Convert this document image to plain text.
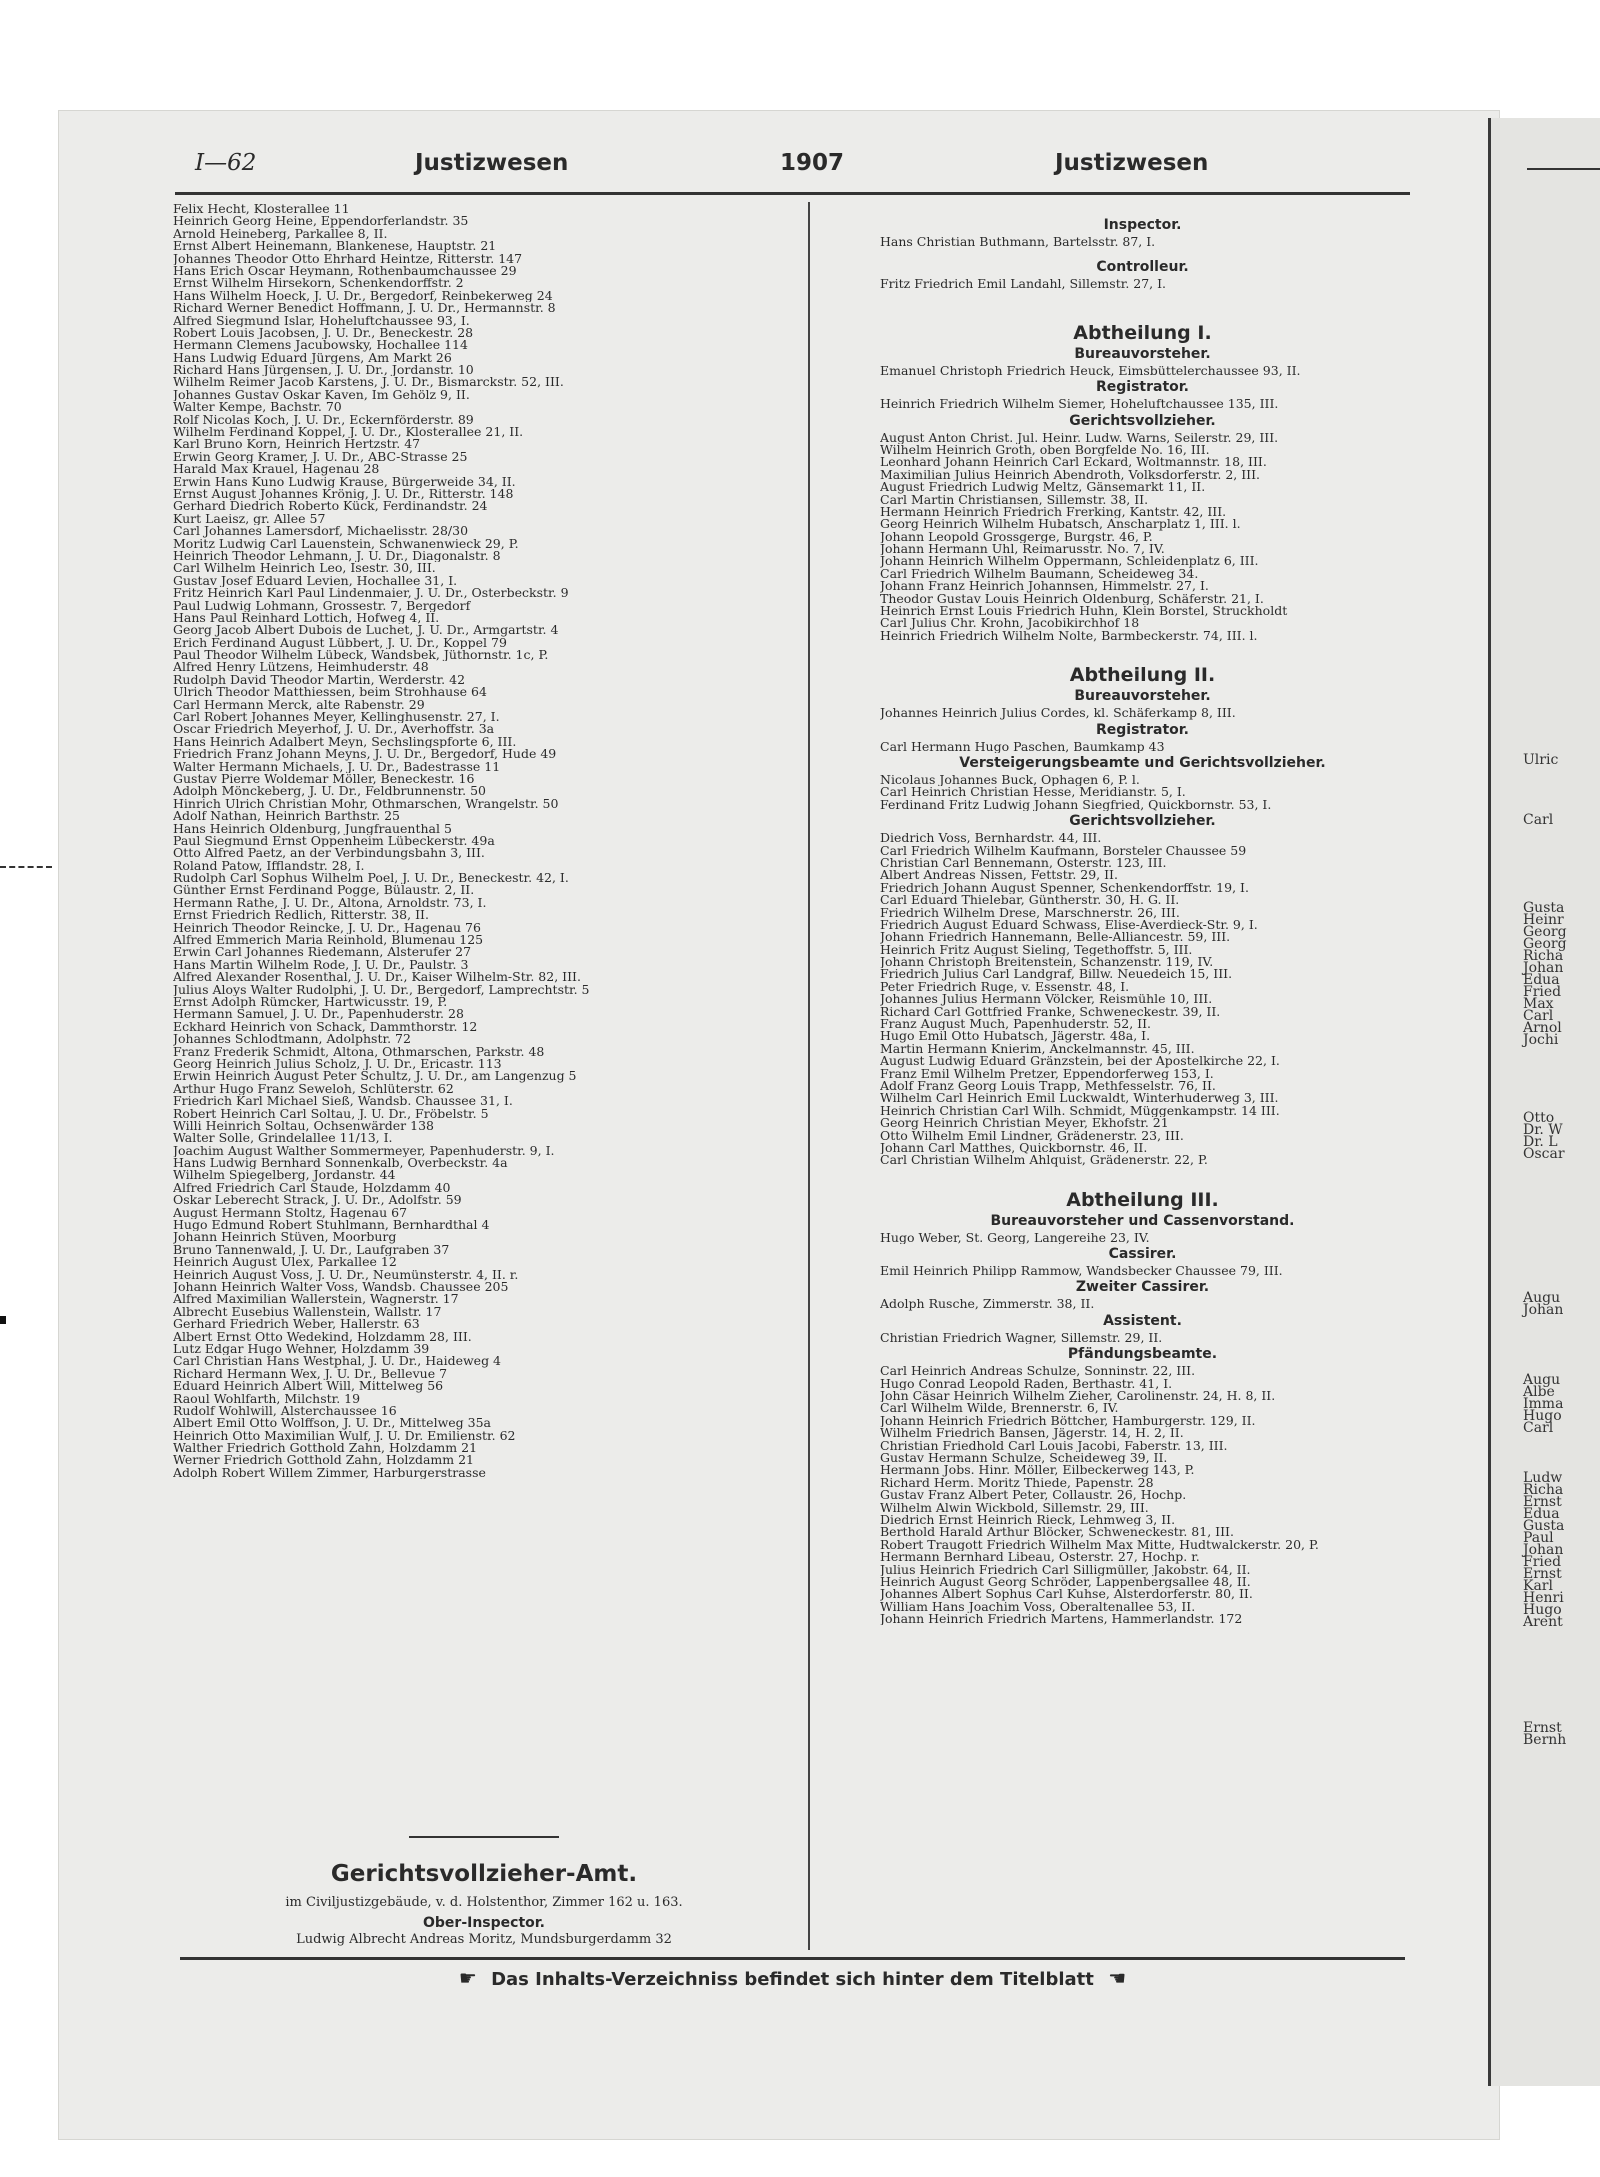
Ulric
Carl
Gusta
Heinr
Georg
Georg
Richa
Johan
Edua
Fried
Max
Carl
Arnol
Jochi
Otto
Dr. W
Dr. L
Oscar
Augu
Johan
Augu
Albe
Imma
Hugo
Carl
Ludw
Richa
Ernst
Edua
Gusta
Paul
Johan
Fried
Ernst
Karl
Henri
Hugo
Arent
Ernst
Bernh
I—62	Justizwesen	1907	Justizwesen
Felix Hecht, Klosterallee 11
Heinrich Georg Heine, Eppendorferlandstr. 35
Arnold Heineberg, Parkallee 8, II.
Ernst Albert Heinemann, Blankenese, Hauptstr. 21
Johannes Theodor Otto Ehrhard Heintze, Ritterstr. 147
Hans Erich Oscar Heymann, Rothenbaumchaussee 29
Ernst Wilhelm Hirsekorn, Schenkendorffstr. 2
Hans Wilhelm Hoeck, J. U. Dr., Bergedorf, Reinbekerweg 24
Richard Werner Benedict Hoffmann, J. U. Dr., Hermannstr. 8
Alfred Siegmund Islar, Hoheluftchaussee 93, I.
Robert Louis Jacobsen, J. U. Dr., Beneckestr. 28
Hermann Clemens Jacubowsky, Hochallee 114
Hans Ludwig Eduard Jürgens, Am Markt 26
Richard Hans Jürgensen, J. U. Dr., Jordanstr. 10
Wilhelm Reimer Jacob Karstens, J. U. Dr., Bismarckstr. 52, III.
Johannes Gustav Oskar Kaven, Im Gehölz 9, II.
Walter Kempe, Bachstr. 70
Rolf Nicolas Koch, J. U. Dr., Eckernförderstr. 89
Wilhelm Ferdinand Koppel, J. U. Dr., Klosterallee 21, II.
Karl Bruno Korn, Heinrich Hertzstr. 47
Erwin Georg Kramer, J. U. Dr., ABC-Strasse 25
Harald Max Krauel, Hagenau 28
Erwin Hans Kuno Ludwig Krause, Bürgerweide 34, II.
Ernst August Johannes Krönig, J. U. Dr., Ritterstr. 148
Gerhard Diedrich Roberto Kück, Ferdinandstr. 24
Kurt Laeisz, gr. Allee 57
Carl Johannes Lamersdorf, Michaelisstr. 28/30
Moritz Ludwig Carl Lauenstein, Schwanenwieck 29, P.
Heinrich Theodor Lehmann, J. U. Dr., Diagonalstr. 8
Carl Wilhelm Heinrich Leo, Isestr. 30, III.
Gustav Josef Eduard Levien, Hochallee 31, I.
Fritz Heinrich Karl Paul Lindenmaier, J. U. Dr., Osterbeckstr. 9
Paul Ludwig Lohmann, Grossestr. 7, Bergedorf
Hans Paul Reinhard Lottich, Hofweg 4, II.
Georg Jacob Albert Dubois de Luchet, J. U. Dr., Armgartstr. 4
Erich Ferdinand August Lübbert, J. U. Dr., Koppel 79
Paul Theodor Wilhelm Lübeck, Wandsbek, Jüthornstr. 1c, P.
Alfred Henry Lützens, Heimhuderstr. 48
Rudolph David Theodor Martin, Werderstr. 42
Ulrich Theodor Matthiessen, beim Strohhause 64
Carl Hermann Merck, alte Rabenstr. 29
Carl Robert Johannes Meyer, Kellinghusenstr. 27, I.
Oscar Friedrich Meyerhof, J. U. Dr., Averhoffstr. 3a
Hans Heinrich Adalbert Meyn, Sechslingspforte 6, III.
Friedrich Franz Johann Meyns, J. U. Dr., Bergedorf, Hude 49
Walter Hermann Michaels, J. U. Dr., Badestrasse 11
Gustav Pierre Woldemar Möller, Beneckestr. 16
Adolph Mönckeberg, J. U. Dr., Feldbrunnenstr. 50
Hinrich Ulrich Christian Mohr, Othmarschen, Wrangelstr. 50
Adolf Nathan, Heinrich Barthstr. 25
Hans Heinrich Oldenburg, Jungfrauenthal 5
Paul Siegmund Ernst Oppenheim Lübeckerstr. 49a
Otto Alfred Paetz, an der Verbindungsbahn 3, III.
Roland Patow, Ifflandstr. 28, I.
Rudolph Carl Sophus Wilhelm Poel, J. U. Dr., Beneckestr. 42, I.
Günther Ernst Ferdinand Pogge, Bülaustr. 2, II.
Hermann Rathe, J. U. Dr., Altona, Arnoldstr. 73, I.
Ernst Friedrich Redlich, Ritterstr. 38, II.
Heinrich Theodor Reincke, J. U. Dr., Hagenau 76
Alfred Emmerich Maria Reinhold, Blumenau 125
Erwin Carl Johannes Riedemann, Alsterufer 27
Hans Martin Wilhelm Rode, J. U. Dr., Paulstr. 3
Alfred Alexander Rosenthal, J. U. Dr., Kaiser Wilhelm-Str. 82, III.
Julius Aloys Walter Rudolphi, J. U. Dr., Bergedorf, Lamprechtstr. 5
Ernst Adolph Rümcker, Hartwicusstr. 19, P.
Hermann Samuel, J. U. Dr., Papenhuderstr. 28
Eckhard Heinrich von Schack, Dammthorstr. 12
Johannes Schlodtmann, Adolphstr. 72
Franz Frederik Schmidt, Altona, Othmarschen, Parkstr. 48
Georg Heinrich Julius Scholz, J. U. Dr., Ericastr. 113
Erwin Heinrich August Peter Schultz, J. U. Dr., am Langenzug 5
Arthur Hugo Franz Seweloh, Schlüterstr. 62
Friedrich Karl Michael Sieß, Wandsb. Chaussee 31, I.
Robert Heinrich Carl Soltau, J. U. Dr., Fröbelstr. 5
Willi Heinrich Soltau, Ochsenwärder 138
Walter Solle, Grindelallee 11/13, I.
Joachim August Walther Sommermeyer, Papenhuderstr. 9, I.
Hans Ludwig Bernhard Sonnenkalb, Overbeckstr. 4a
Wilhelm Spiegelberg, Jordanstr. 44
Alfred Friedrich Carl Staude, Holzdamm 40
Oskar Leberecht Strack, J. U. Dr., Adolfstr. 59
August Hermann Stoltz, Hagenau 67
Hugo Edmund Robert Stuhlmann, Bernhardthal 4
Johann Heinrich Stüven, Moorburg
Bruno Tannenwald, J. U. Dr., Laufgraben 37
Heinrich August Ulex, Parkallee 12
Heinrich August Voss, J. U. Dr., Neumünsterstr. 4, II. r.
Johann Heinrich Walter Voss, Wandsb. Chaussee 205
Alfred Maximilian Wallerstein, Wagnerstr. 17
Albrecht Eusebius Wallenstein, Wallstr. 17
Gerhard Friedrich Weber, Hallerstr. 63
Albert Ernst Otto Wedekind, Holzdamm 28, III.
Lutz Edgar Hugo Wehner, Holzdamm 39
Carl Christian Hans Westphal, J. U. Dr., Haideweg 4
Richard Hermann Wex, J. U. Dr., Bellevue 7
Eduard Heinrich Albert Will, Mittelweg 56
Raoul Wohlfarth, Milchstr. 19
Rudolf Wohlwill, Alsterchaussee 16
Albert Emil Otto Wolffson, J. U. Dr., Mittelweg 35a
Heinrich Otto Maximilian Wulf, J. U. Dr. Emilienstr. 62
Walther Friedrich Gotthold Zahn, Holzdamm 21
Werner Friedrich Gotthold Zahn, Holzdamm 21
Adolph Robert Willem Zimmer, Harburgerstrasse
Gerichtsvollzieher-Amt.
im Civiljustizgebäude, v. d. Holstenthor, Zimmer 162 u. 163.
Ober-Inspector.
Ludwig Albrecht Andreas Moritz, Mundsburgerdamm 32
Inspector.
Hans Christian Buthmann, Bartelsstr. 87, I.
Controlleur.
Fritz Friedrich Emil Landahl, Sillemstr. 27, I.
Abtheilung I.
Bureauvorsteher.
Emanuel Christoph Friedrich Heuck, Eimsbüttelerchaussee 93, II.
Registrator.
Heinrich Friedrich Wilhelm Siemer, Hoheluftchaussee 135, III.
Gerichtsvollzieher.
August Anton Christ. Jul. Heinr. Ludw. Warns, Seilerstr. 29, III.
Wilhelm Heinrich Groth, oben Borgfelde No. 16, III.
Leonhard Johann Heinrich Carl Eckard, Woltmannstr. 18, III.
Maximilian Julius Heinrich Abendroth, Volksdorferstr. 2, III.
August Friedrich Ludwig Meltz, Gänsemarkt 11, II.
Carl Martin Christiansen, Sillemstr. 38, II.
Hermann Heinrich Friedrich Frerking, Kantstr. 42, III.
Georg Heinrich Wilhelm Hubatsch, Anscharplatz 1, III. l.
Johann Leopold Grossgerge, Burgstr. 46, P.
Johann Hermann Uhl, Reimarusstr. No. 7, IV.
Johann Heinrich Wilhelm Oppermann, Schleidenplatz 6, III.
Carl Friedrich Wilhelm Baumann, Scheideweg 34.
Johann Franz Heinrich Johannsen, Himmelstr. 27, I.
Theodor Gustav Louis Heinrich Oldenburg, Schäferstr. 21, I.
Heinrich Ernst Louis Friedrich Huhn, Klein Borstel, Struckholdt
Carl Julius Chr. Krohn, Jacobikirchhof 18
Heinrich Friedrich Wilhelm Nolte, Barmbeckerstr. 74, III. l.
Abtheilung II.
Bureauvorsteher.
Johannes Heinrich Julius Cordes, kl. Schäferkamp 8, III.
Registrator.
Carl Hermann Hugo Paschen, Baumkamp 43
Versteigerungsbeamte und Gerichtsvollzieher.
Nicolaus Johannes Buck, Ophagen 6, P. l.
Carl Heinrich Christian Hesse, Meridianstr. 5, I.
Ferdinand Fritz Ludwig Johann Siegfried, Quickbornstr. 53, I.
Gerichtsvollzieher.
Diedrich Voss, Bernhardstr. 44, III.
Carl Friedrich Wilhelm Kaufmann, Borsteler Chaussee 59
Christian Carl Bennemann, Osterstr. 123, III.
Albert Andreas Nissen, Fettstr. 29, II.
Friedrich Johann August Spenner, Schenkendorffstr. 19, I.
Carl Eduard Thielebar, Güntherstr. 30, H. G. II.
Friedrich Wilhelm Drese, Marschnerstr. 26, III.
Friedrich August Eduard Schwass, Elise-Averdieck-Str. 9, I.
Johann Friedrich Hannemann, Belle-Alliancestr. 59, III.
Heinrich Fritz August Sieling, Tegethoffstr. 5, III.
Johann Christoph Breitenstein, Schanzenstr. 119, IV.
Friedrich Julius Carl Landgraf, Billw. Neuedeich 15, III.
Peter Friedrich Ruge, v. Essenstr. 48, I.
Johannes Julius Hermann Völcker, Reismühle 10, III.
Richard Carl Gottfried Franke, Schweneckestr. 39, II.
Franz August Much, Papenhuderstr. 52, II.
Hugo Emil Otto Hubatsch, Jägerstr. 48a, I.
Martin Hermann Knierim, Anckelmannstr. 45, III.
August Ludwig Eduard Gränzstein, bei der Apostelkirche 22, I.
Franz Emil Wilhelm Pretzer, Eppendorferweg 153, I.
Adolf Franz Georg Louis Trapp, Methfesselstr. 76, II.
Wilhelm Carl Heinrich Emil Luckwaldt, Winterhuderweg 3, III.
Heinrich Christian Carl Wilh. Schmidt, Müggenkampstr. 14 III.
Georg Heinrich Christian Meyer, Ekhofstr. 21
Otto Wilhelm Emil Lindner, Grädenerstr. 23, III.
Johann Carl Matthes, Quickbornstr. 46, II.
Carl Christian Wilhelm Ahlquist, Grädenerstr. 22, P.
Abtheilung III.
Bureauvorsteher und Cassenvorstand.
Hugo Weber, St. Georg, Langereihe 23, IV.
Cassirer.
Emil Heinrich Philipp Rammow, Wandsbecker Chaussee 79, III.
Zweiter Cassirer.
Adolph Rusche, Zimmerstr. 38, II.
Assistent.
Christian Friedrich Wagner, Sillemstr. 29, II.
Pfändungsbeamte.
Carl Heinrich Andreas Schulze, Sonninstr. 22, III.
Hugo Conrad Leopold Raden, Berthastr. 41, I.
John Cäsar Heinrich Wilhelm Zieher, Carolinenstr. 24, H. 8, II.
Carl Wilhelm Wilde, Brennerstr. 6, IV.
Johann Heinrich Friedrich Böttcher, Hamburgerstr. 129, II.
Wilhelm Friedrich Bansen, Jägerstr. 14, H. 2, II.
Christian Friedhold Carl Louis Jacobi, Faberstr. 13, III.
Gustav Hermann Schulze, Scheideweg 39, II.
Hermann Jobs. Hinr. Möller, Eilbeckerweg 143, P.
Richard Herm. Moritz Thiede, Papenstr. 28
Gustav Franz Albert Peter, Collaustr. 26, Hochp.
Wilhelm Alwin Wickbold, Sillemstr. 29, III.
Diedrich Ernst Heinrich Rieck, Lehmweg 3, II.
Berthold Harald Arthur Blöcker, Schweneckestr. 81, III.
Robert Traugott Friedrich Wilhelm Max Mitte, Hudtwalckerstr. 20, P.
Hermann Bernhard Libeau, Osterstr. 27, Hochp. r.
Julius Heinrich Friedrich Carl Silligmüller, Jakobstr. 64, II.
Heinrich August Georg Schröder, Lappenbergsallee 48, II.
Johannes Albert Sophus Carl Kuhse, Alsterdorferstr. 80, II.
William Hans Joachim Voss, Oberaltenallee 53, II.
Johann Heinrich Friedrich Martens, Hammerlandstr. 172
☛ Das Inhalts-Verzeichniss befindet sich hinter dem Titelblatt ☚
